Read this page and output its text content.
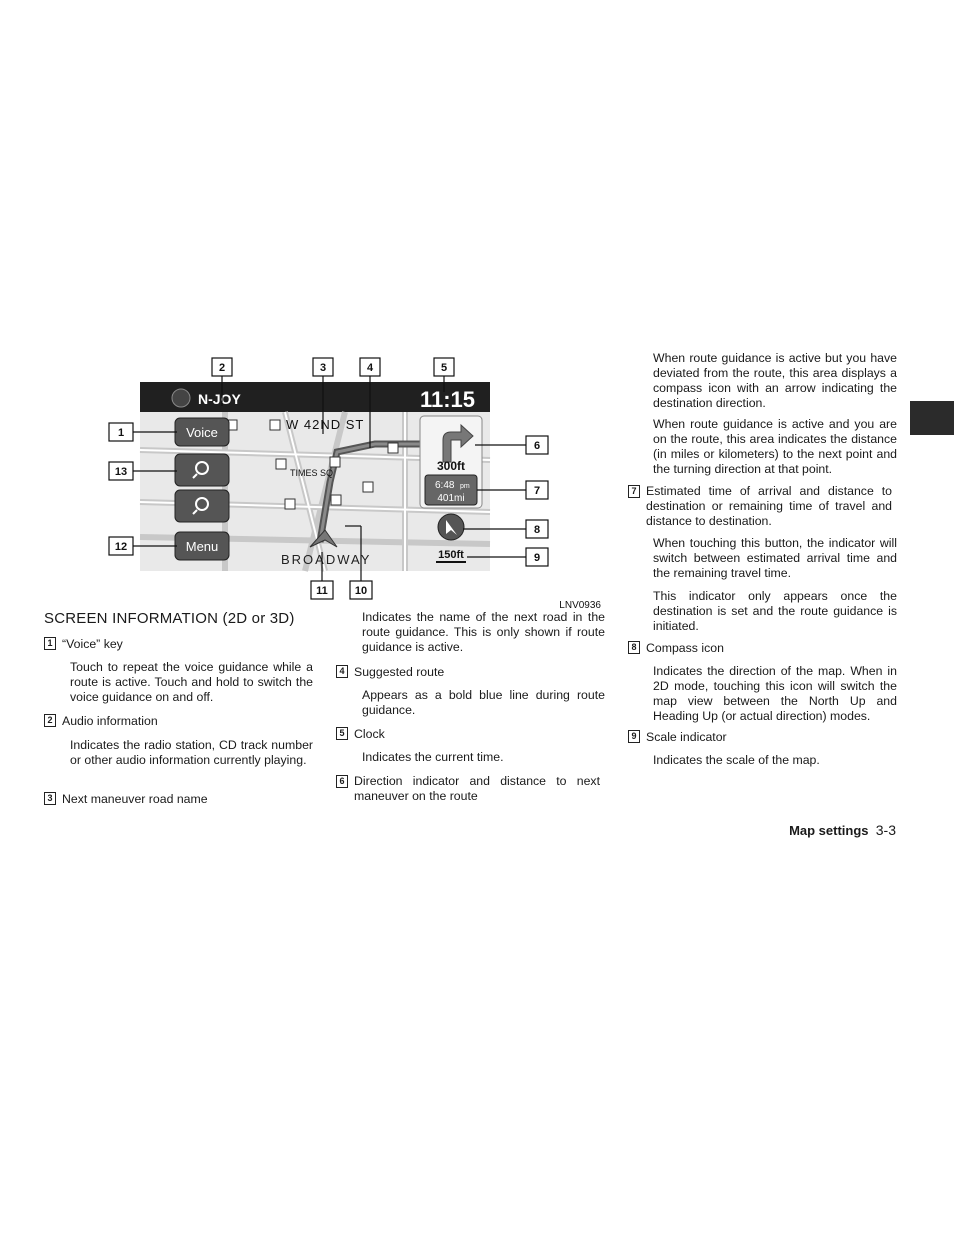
Voice
Menu
N-JOY	11:15
W 42ND ST
TIMES SQ
BROADWAY
300ft
6:48 pm
401mi
150ft
2	3	4	5
1
13
12
6
7
8
9
11 10
LNV0936
SCREEN INFORMATION (2D or 3D)
1 “Voice” key
Touch to repeat the voice guidance while a route is active. Touch and hold to switch the voice guidance on and off.
2 Audio information
Indicates the radio station, CD track number or other audio information currently playing.
3 Next maneuver road name
Indicates the name of the next road in the route guidance. This is only shown if route guidance is active.
4 Suggested route
Appears as a bold blue line during route guidance.
5 Clock
Indicates the current time.
6 Direction indicator and distance to next maneuver on the route
When route guidance is active but you have deviated from the route, this area displays a compass icon with an arrow indicating the destination direction.
When route guidance is active and you are on the route, this area indicates the distance (in miles or kilometers) to the next point and the turning direction at that point.
7 Estimated time of arrival and distance to destination or remaining time of travel and distance to destination.
When touching this button, the indicator will switch between estimated arrival time and the remaining travel time.
This indicator only appears once the destination is set and the route guidance is initiated.
8 Compass icon
Indicates the direction of the map. When in 2D mode, touching this icon will switch the map view between the North Up and Heading Up (or actual direction) modes.
9 Scale indicator
Indicates the scale of the map.
Map settings 3-3
